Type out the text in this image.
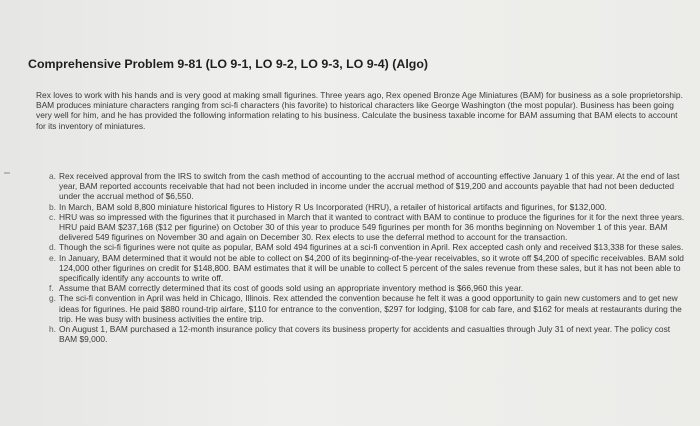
Comprehensive Problem 9-81 (LO 9-1, LO 9-2, LO 9-3, LO 9-4) (Algo)
Rex loves to work with his hands and is very good at making small figurines. Three years ago, Rex opened Bronze Age Miniatures (BAM) for business as a sole proprietorship. BAM produces miniature characters ranging from sci-fi characters (his favorite) to historical characters like George Washington (the most popular). Business has been going very well for him, and he has provided the following information relating to his business. Calculate the business taxable income for BAM assuming that BAM elects to account for its inventory of miniatures.
a. Rex received approval from the IRS to switch from the cash method of accounting to the accrual method of accounting effective January 1 of this year. At the end of last year, BAM reported accounts receivable that had not been included in income under the accrual method of $19,200 and accounts payable that had not been deducted under the accrual method of $6,550.
b. In March, BAM sold 8,800 miniature historical figures to History R Us Incorporated (HRU), a retailer of historical artifacts and figurines, for $132,000.
c. HRU was so impressed with the figurines that it purchased in March that it wanted to contract with BAM to continue to produce the figurines for it for the next three years. HRU paid BAM $237,168 ($12 per figurine) on October 30 of this year to produce 549 figurines per month for 36 months beginning on November 1 of this year. BAM delivered 549 figurines on November 30 and again on December 30. Rex elects to use the deferral method to account for the transaction.
d. Though the sci-fi figurines were not quite as popular, BAM sold 494 figurines at a sci-fi convention in April. Rex accepted cash only and received $13,338 for these sales.
e. In January, BAM determined that it would not be able to collect on $4,200 of its beginning-of-the-year receivables, so it wrote off $4,200 of specific receivables. BAM sold 124,000 other figurines on credit for $148,800. BAM estimates that it will be unable to collect 5 percent of the sales revenue from these sales, but it has not been able to specifically identify any accounts to write off.
f. Assume that BAM correctly determined that its cost of goods sold using an appropriate inventory method is $66,960 this year.
g. The sci-fi convention in April was held in Chicago, Illinois. Rex attended the convention because he felt it was a good opportunity to gain new customers and to get new ideas for figurines. He paid $880 round-trip airfare, $110 for entrance to the convention, $297 for lodging, $108 for cab fare, and $162 for meals at restaurants during the trip. He was busy with business activities the entire trip.
h. On August 1, BAM purchased a 12-month insurance policy that covers its business property for accidents and casualties through July 31 of next year. The policy cost BAM $9,000.
